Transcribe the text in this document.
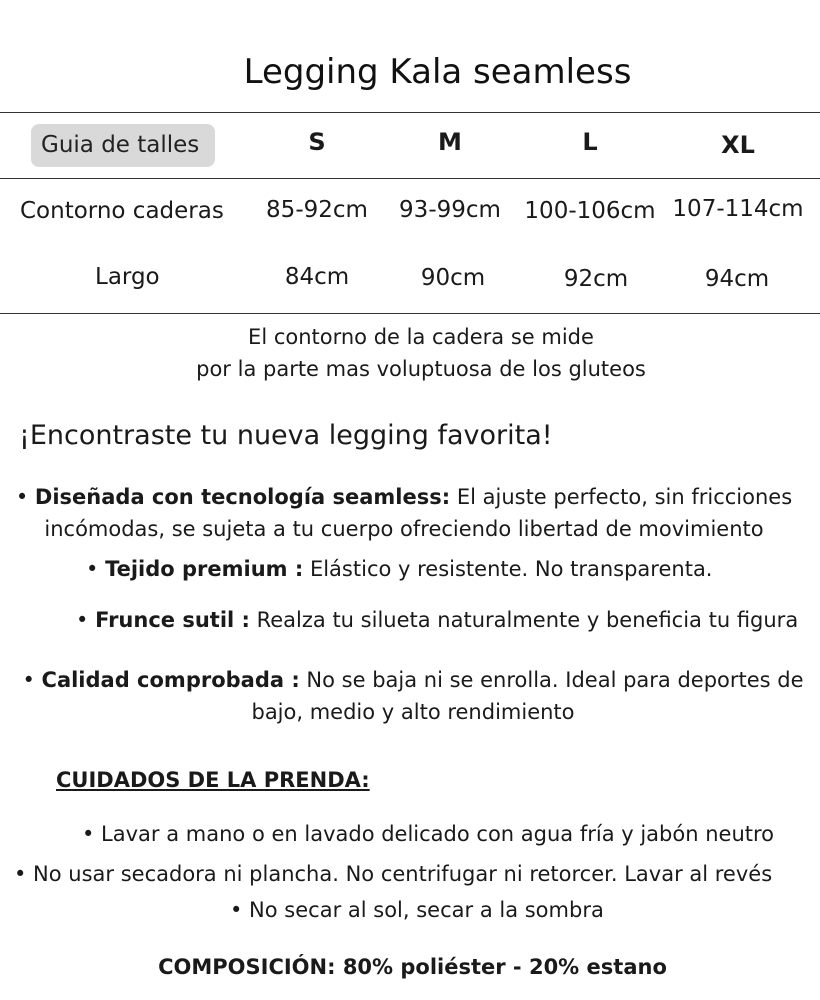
Legging Kala seamless
Guia de talles	S	M	L	XL
Contorno caderas	85-92cm	93-99cm	100-106cm 107-114cm
Largo	84cm	90cm	92cm	94cm
El contorno de la cadera se mide
por la parte mas voluptuosa de los gluteos
¡Encontraste tu nueva legging favorita!
• Diseñada con tecnología seamless: El ajuste perfecto, sin fricciones
incómodas, se sujeta a tu cuerpo ofreciendo libertad de movimiento
• Tejido premium : Elástico y resistente. No transparenta.
• Frunce sutil : Realza tu silueta naturalmente y beneficia tu figura
• Calidad comprobada : No se baja ni se enrolla. Ideal para deportes de
bajo, medio y alto rendimiento
CUIDADOS DE LA PRENDA:
• Lavar a mano o en lavado delicado con agua fría y jabón neutro
• No usar secadora ni plancha. No centrifugar ni retorcer. Lavar al revés
• No secar al sol, secar a la sombra
COMPOSICIÓN: 80% poliéster - 20% estano
